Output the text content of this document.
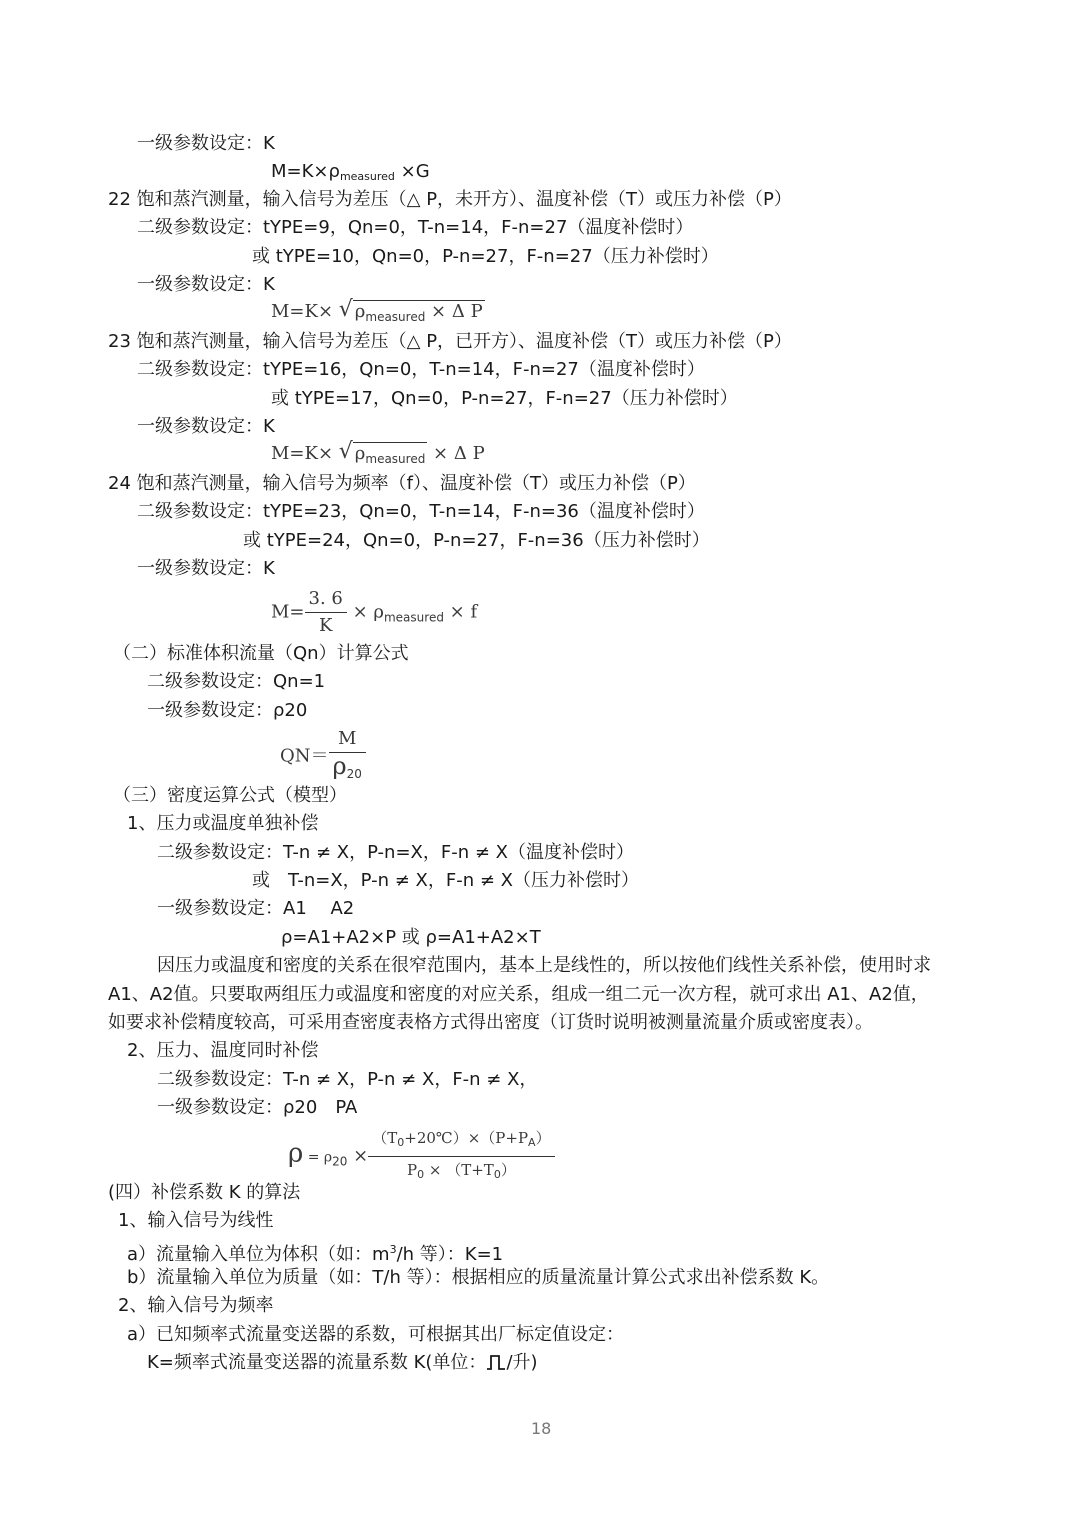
一级参数设定：K
$M=K\times\rho_{measured} \times G$
22 饱和蒸汽测量，输入信号为差压（△ P，未开方）、温度补偿（T）或压力补偿（P）
二级参数设定：tYPE=9，Qn=0，T-n=14，F-n=27（温度补偿时）
或 tYPE=10，Qn=0，P-n=27，F-n=27（压力补偿时）
一级参数设定：K
M=K× √ $\rho_{measured} \times \Delta$ P
23 饱和蒸汽测量，输入信号为差压（△ P，已开方）、温度补偿（T）或压力补偿（P）
二级参数设定：tYPE=16，Qn=0，T-n=14，F-n=27（温度补偿时）
或 tYPE=17，Qn=0，P-n=27，F-n=27（压力补偿时）
一级参数设定：K
M=K× √ $\rho_{measured} \times \Delta$ P
24 饱和蒸汽测量，输入信号为频率（f）、温度补偿（T）或压力补偿（P）
二级参数设定：tYPE=23，Qn=0，T-n=14，F-n=36（温度补偿时）
或 tYPE=24，Qn=0，P-n=27，F-n=36（压力补偿时）
一级参数设定：K
$M= \frac{3. 6}{K} \times \rho_{measured} \times f$
（二）标准体积流量（Qn）计算公式
二级参数设定：Qn=1
一级参数设定：ρ20
$QN= \frac{M}{\rho_{20}}$
（三）密度运算公式（模型）
1、压力或温度单独补偿
二级参数设定：T-n ≠ X，P-n=X，F-n ≠ X（温度补偿时）
或　T-n=X，P-n ≠ X，F-n ≠ X（压力补偿时）
一级参数设定：A1　 A2
ρ=A1+A2×P 或 ρ=A1+A2×T
因压力或温度和密度的关系在很窄范围内，基本上是线性的，所以按他们线性关系补偿，使用时求
A1、A2值。只要取两组压力或温度和密度的对应关系，组成一组二元一次方程，就可求出 A1、A2值，
如要求补偿精度较高，可采用查密度表格方式得出密度（订货时说明被测量流量介质或密度表）。
2、压力、温度同时补偿
二级参数设定：T-n ≠ X，P-n ≠ X，F-n ≠ X，
一级参数设定：ρ20　PA
$\rho = \rho_{20} \times \frac{(T_0+20℃)\times(P+P_A)}{P_0 \times (T+T_0)}$
(四）补偿系数 K 的算法
1、输入信号为线性
a）流量输入单位为体积（如：$m^3/h$ 等）：K=1
b）流量输入单位为质量（如：T/h 等）：根据相应的质量流量计算公式求出补偿系数 K。
2、输入信号为频率
a）已知频率式流量变送器的系数，可根据其出厂标定值设定：
K=频率式流量变送器的流量系数 K(单位： /升)
18
